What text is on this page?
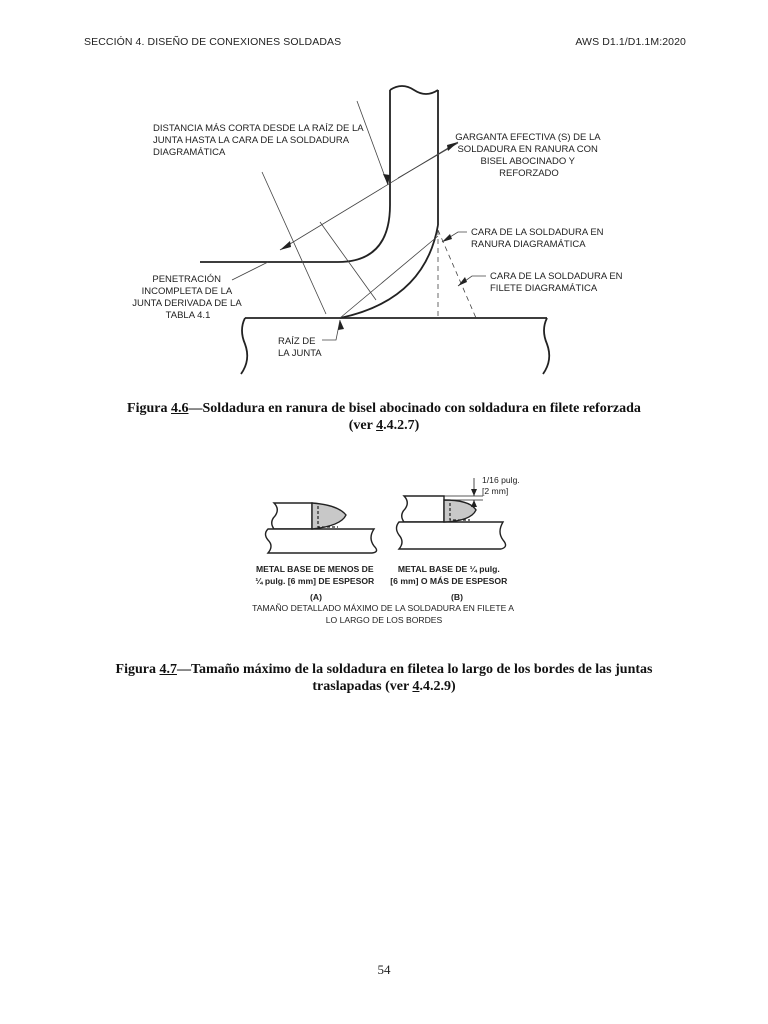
SECCIÓN 4. DISEÑO DE CONEXIONES SOLDADAS	AWS D1.1/D1.1M:2020
DISTANCIA MÁS CORTA DESDE LA RAÍZ DE LA JUNTA HASTA LA CARA DE LA SOLDADURA DIAGRAMÁTICA
GARGANTA EFECTIVA (S) DE LA SOLDADURA EN RANURA CON BISEL ABOCINADO Y REFORZADO
CARA DE LA SOLDADURA EN RANURA DIAGRAMÁTICA
CARA DE LA SOLDADURA EN FILETE DIAGRAMÁTICA
PENETRACIÓN INCOMPLETA DE LA JUNTA DERIVADA DE LA TABLA 4.1
RAÍZ DE LA JUNTA
Figura 4.6—Soldadura en ranura de bisel abocinado con soldadura en filete reforzada
(ver 4.4.2.7)
1/16 pulg. [2 mm]
METAL BASE DE MENOS DE ¼ pulg. [6 mm] DE ESPESOR (A)
METAL BASE DE ¼ pulg. [6 mm] O MÁS DE ESPESOR (B)
TAMAÑO DETALLADO MÁXIMO DE LA SOLDADURA EN FILETE A LO LARGO DE LOS BORDES
Figura 4.7—Tamaño máximo de la soldadura en filetea lo largo de los bordes de las juntas
traslapadas (ver 4.4.2.9)
54
